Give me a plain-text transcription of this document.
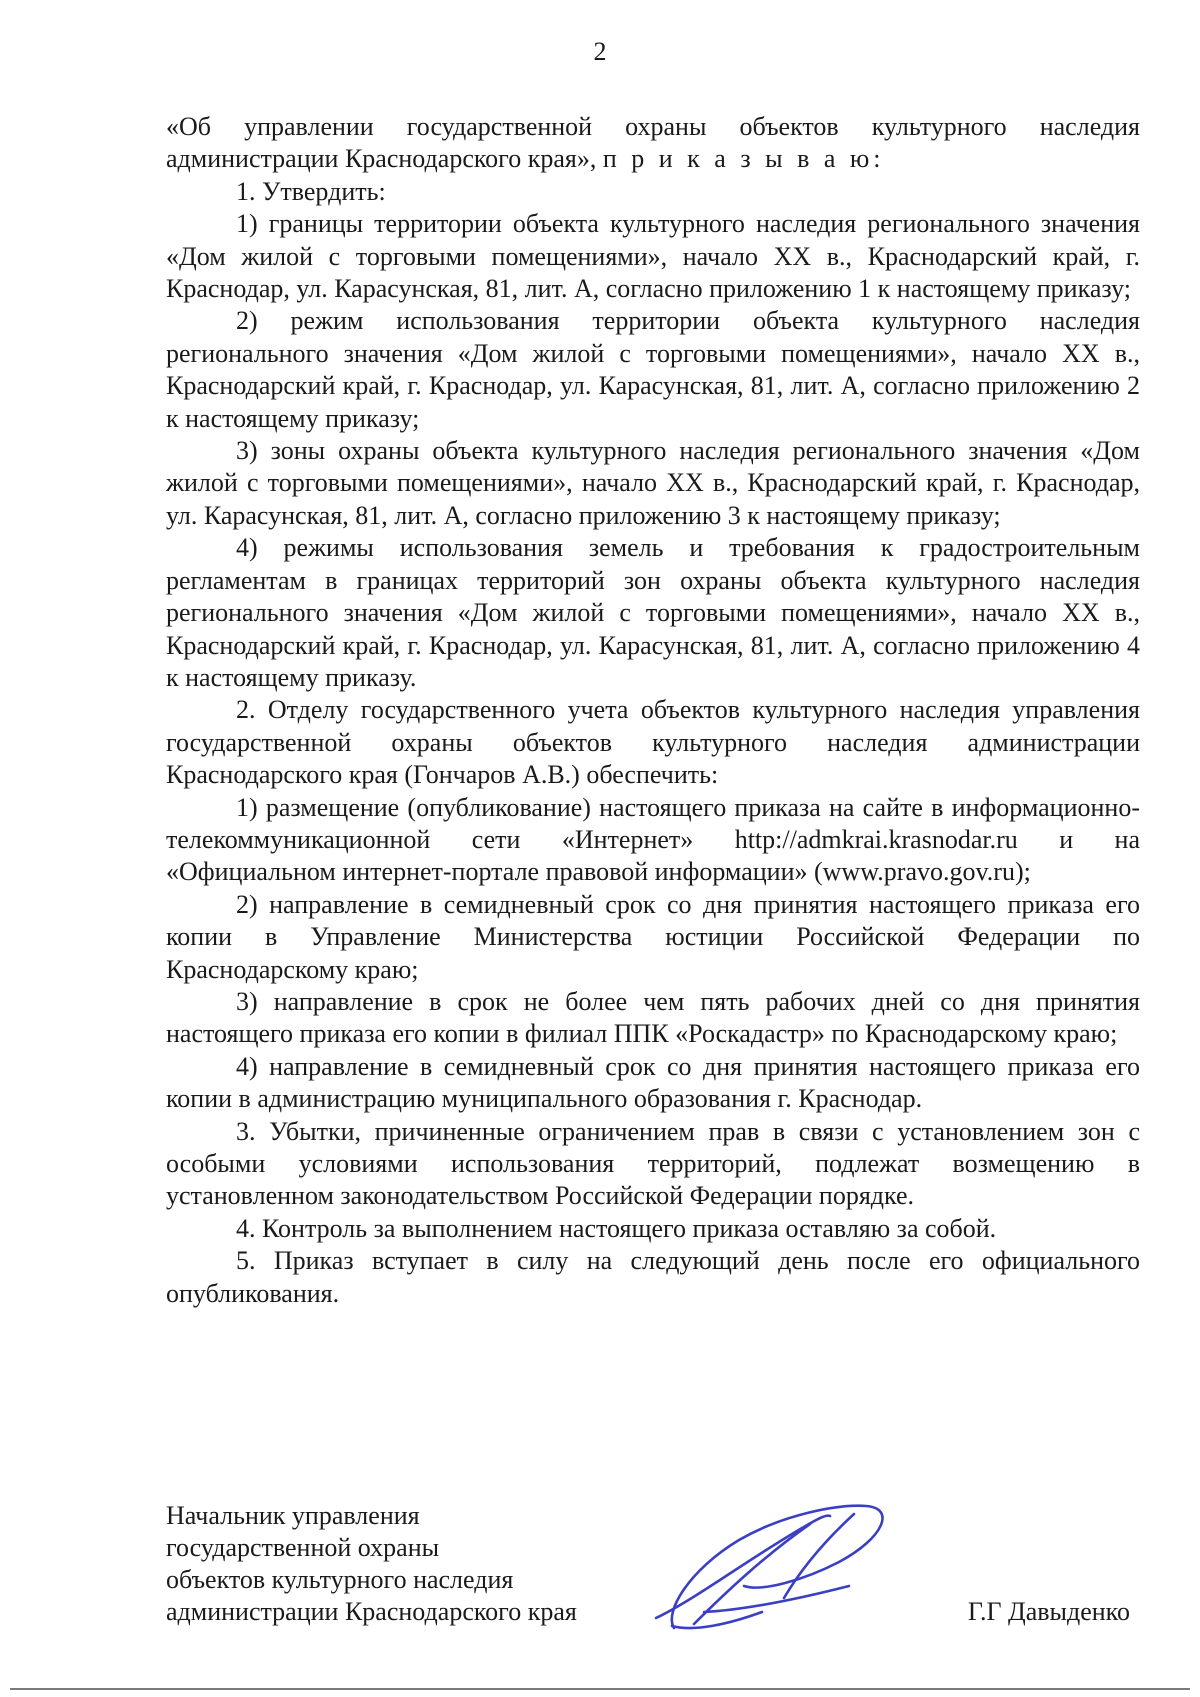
2

«Об управлении государственной охраны объектов культурного наследия администрации Краснодарского края», п р и к а з ы в а ю:

1. Утвердить:

1) границы территории объекта культурного наследия регионального значения «Дом жилой с торговыми помещениями», начало XX в., Краснодарский край, г. Краснодар, ул. Карасунская, 81, лит. А, согласно приложению 1 к настоящему приказу;

2) режим использования территории объекта культурного наследия регионального значения «Дом жилой с торговыми помещениями», начало XX в., Краснодарский край, г. Краснодар, ул. Карасунская, 81, лит. А, согласно приложению 2 к настоящему приказу;

3) зоны охраны объекта культурного наследия регионального значения «Дом жилой с торговыми помещениями», начало XX в., Краснодарский край, г. Краснодар, ул. Карасунская, 81, лит. А, согласно приложению 3 к настоящему приказу;

4) режимы использования земель и требования к градостроительным регламентам в границах территорий зон охраны объекта культурного наследия регионального значения «Дом жилой с торговыми помещениями», начало XX в., Краснодарский край, г. Краснодар, ул. Карасунская, 81, лит. А, согласно приложению 4 к настоящему приказу.

2. Отделу государственного учета объектов культурного наследия управления государственной охраны объектов культурного наследия администрации Краснодарского края (Гончаров А.В.) обеспечить:

1) размещение (опубликование) настоящего приказа на сайте в информационно-телекоммуникационной сети «Интернет» http://admkrai.krasnodar.ru и на «Официальном интернет-портале правовой информации» (www.pravo.gov.ru);

2) направление в семидневный срок со дня принятия настоящего приказа его копии в Управление Министерства юстиции Российской Федерации по Краснодарскому краю;

3) направление в срок не более чем пять рабочих дней со дня принятия настоящего приказа его копии в филиал ППК «Роскадастр» по Краснодарскому краю;

4) направление в семидневный срок со дня принятия настоящего приказа его копии в администрацию муниципального образования г. Краснодар.

3. Убытки, причиненные ограничением прав в связи с установлением зон с особыми условиями использования территорий, подлежат возмещению в установленном законодательством Российской Федерации порядке.

4. Контроль за выполнением настоящего приказа оставляю за собой.

5. Приказ вступает в силу на следующий день после его официального опубликования.

Начальник управления
государственной охраны
объектов культурного наследия
администрации Краснодарского края	Г.Г Давыденко
